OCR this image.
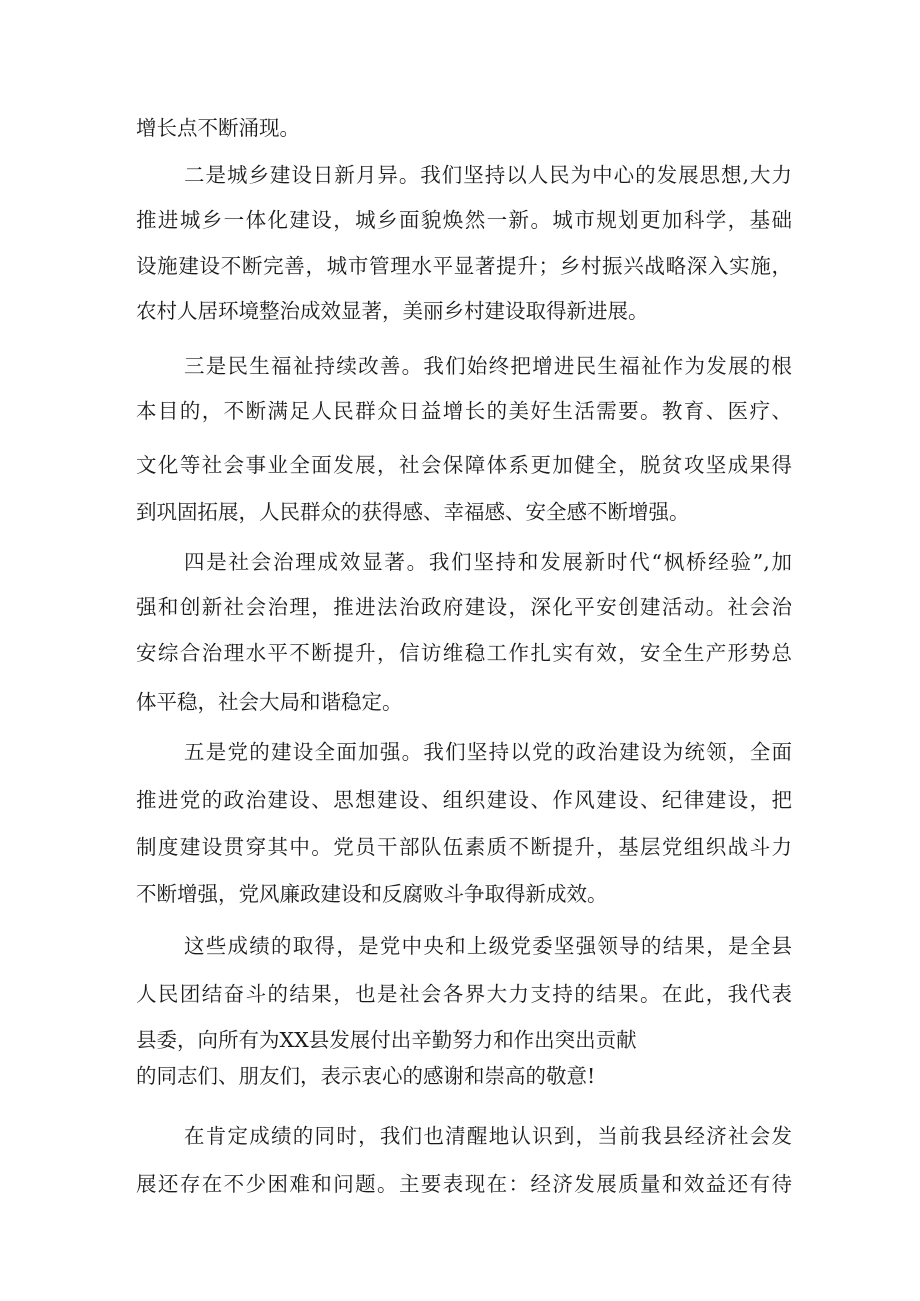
增长点不断涌现。
二是城乡建设日新月异。我们坚持以人民为中心的发展思想,大力
推进城乡一体化建设，城乡面貌焕然一新。城市规划更加科学，基础
设施建设不断完善，城市管理水平显著提升；乡村振兴战略深入实施，
农村人居环境整治成效显著，美丽乡村建设取得新进展。
三是民生福祉持续改善。我们始终把增进民生福祉作为发展的根
本目的，不断满足人民群众日益增长的美好生活需要。教育、医疗、
文化等社会事业全面发展，社会保障体系更加健全，脱贫攻坚成果得
到巩固拓展，人民群众的获得感、幸福感、安全感不断增强。
四是社会治理成效显著。我们坚持和发展新时代“枫桥经验”,加
强和创新社会治理，推进法治政府建设，深化平安创建活动。社会治
安综合治理水平不断提升，信访维稳工作扎实有效，安全生产形势总
体平稳，社会大局和谐稳定。
五是党的建设全面加强。我们坚持以党的政治建设为统领，全面
推进党的政治建设、思想建设、组织建设、作风建设、纪律建设，把
制度建设贯穿其中。党员干部队伍素质不断提升，基层党组织战斗力
不断增强，党风廉政建设和反腐败斗争取得新成效。
这些成绩的取得，是党中央和上级党委坚强领导的结果，是全县
人民团结奋斗的结果，也是社会各界大力支持的结果。在此，我代表
县委，向所有为XX县发展付出辛勤努力和作出突出贡献
的同志们、朋友们，表示衷心的感谢和崇高的敬意!
在肯定成绩的同时，我们也清醒地认识到，当前我县经济社会发
展还存在不少困难和问题。主要表现在：经济发展质量和效益还有待
